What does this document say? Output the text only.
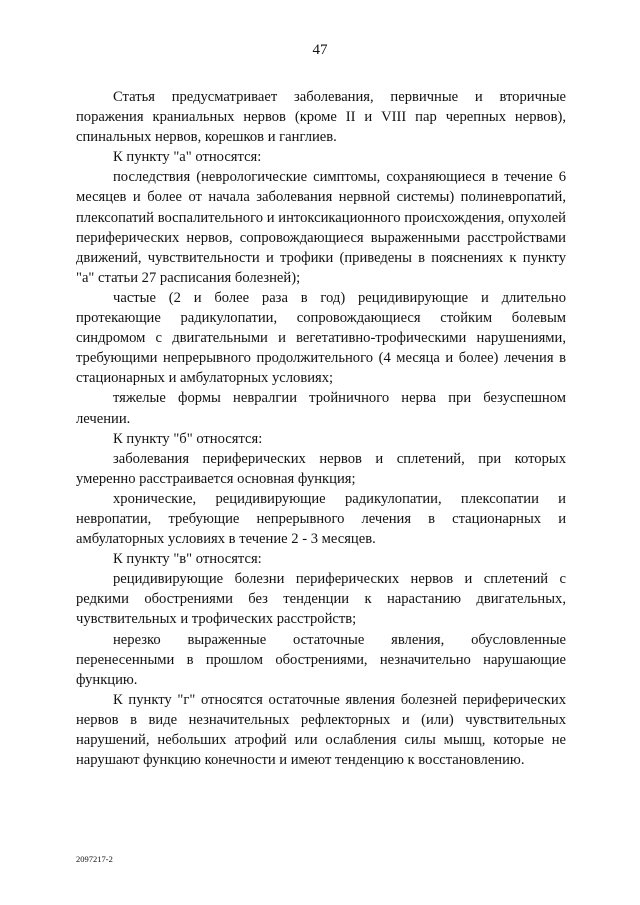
47

Статья предусматривает заболевания, первичные и вторичные поражения краниальных нервов (кроме II и VIII пар черепных нервов), спинальных нервов, корешков и ганглиев.

К пункту "а" относятся:

последствия (неврологические симптомы, сохраняющиеся в течение 6 месяцев и более от начала заболевания нервной системы) полиневропатий, плексопатий воспалительного и интоксикационного происхождения, опухолей периферических нервов, сопровождающиеся выраженными расстройствами движений, чувствительности и трофики (приведены в пояснениях к пункту "а" статьи 27 расписания болезней);

частые (2 и более раза в год) рецидивирующие и длительно протекающие радикулопатии, сопровождающиеся стойким болевым синдромом с двигательными и вегетативно-трофическими нарушениями, требующими непрерывного продолжительного (4 месяца и более) лечения в стационарных и амбулаторных условиях;

тяжелые формы невралгии тройничного нерва при безуспешном лечении.

К пункту "б" относятся:

заболевания периферических нервов и сплетений, при которых умеренно расстраивается основная функция;

хронические, рецидивирующие радикулопатии, плексопатии и невропатии, требующие непрерывного лечения в стационарных и амбулаторных условиях в течение 2 - 3 месяцев.

К пункту "в" относятся:

рецидивирующие болезни периферических нервов и сплетений с редкими обострениями без тенденции к нарастанию двигательных, чувствительных и трофических расстройств;

нерезко выраженные остаточные явления, обусловленные перенесенными в прошлом обострениями, незначительно нарушающие функцию.

К пункту "г" относятся остаточные явления болезней периферических нервов в виде незначительных рефлекторных и (или) чувствительных нарушений, небольших атрофий или ослабления силы мышц, которые не нарушают функцию конечности и имеют тенденцию к восстановлению.

2097217-2
